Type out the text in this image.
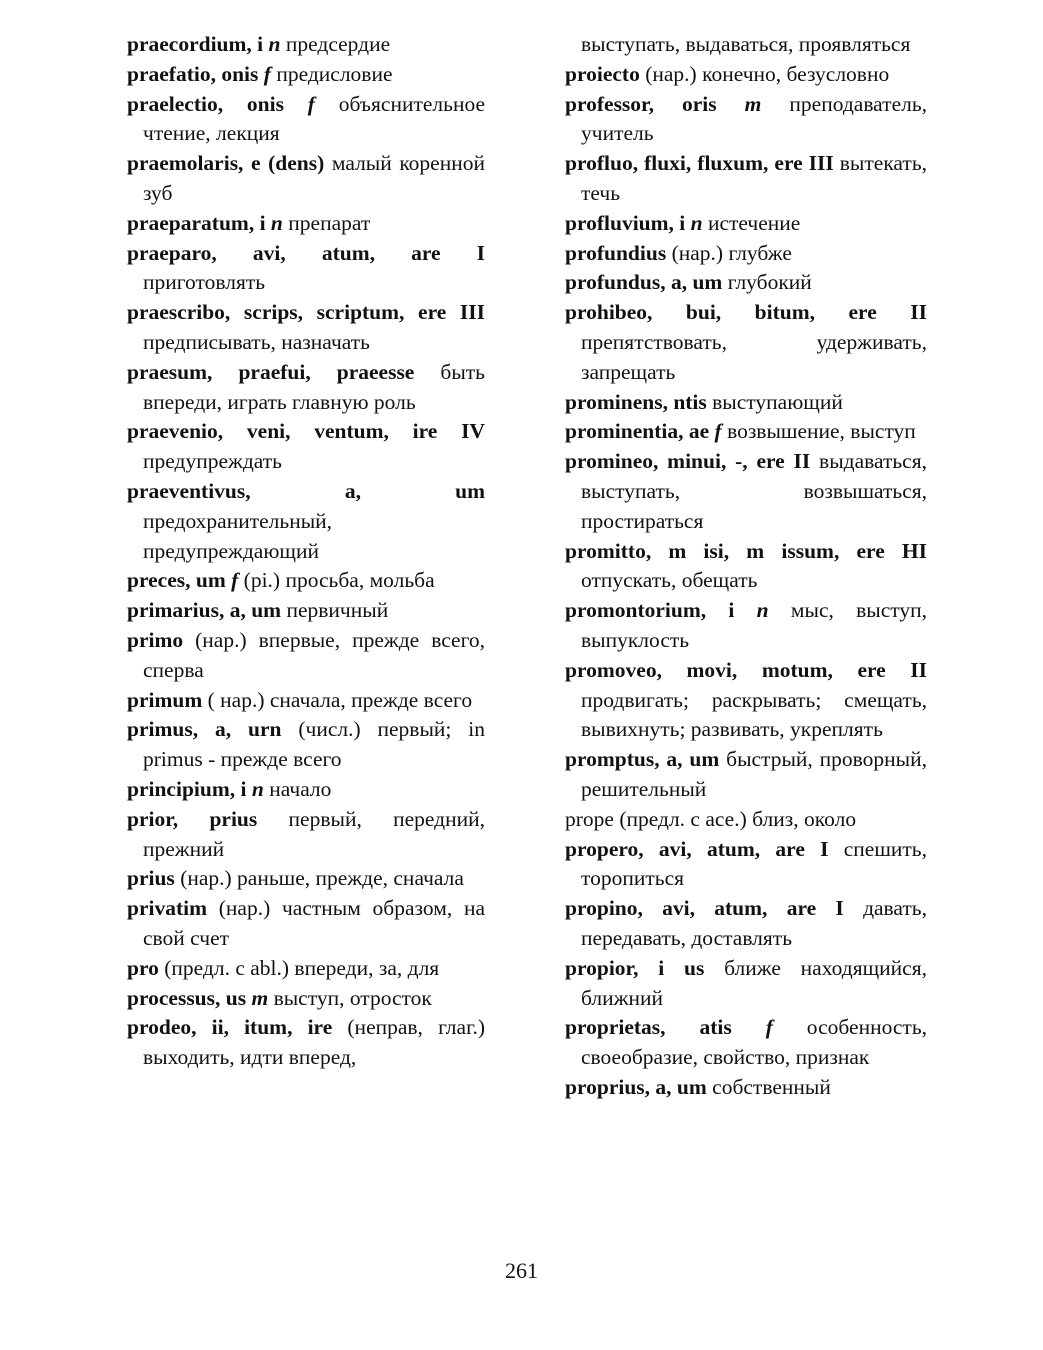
praecordium, i n предсердие
praefatio, onis f предисловие
praelectio, onis f объяснительное чтение, лекция
praemolaris, e (dens) малый коренной зуб
praeparatum, i n препарат
praeparo, avi, atum, are I приготовлять
praescribo, scrips, scriptum, ere III предписывать, назначать
praesum, praefui, praeesse быть впереди, играть главную роль
praevenio, veni, ventum, ire IV предупреждать
praeventivus, a, um предохранительный, предупреждающий
preces, um f (pi.) просьба, мольба
primarius, a, um первичный
primo (нар.) впервые, прежде всего, сперва
primum ( нар.) сначала, прежде всего
primus, a, urn (числ.) первый; in primus - прежде всего
principium, i n начало
prior, prius первый, передний, прежний
prius (нар.) раньше, прежде, сначала
privatim (нар.) частным образом, на свой счет
pro (предл. с abl.) впереди, за, для
processus, us m выступ, отросток
prodeo, ii, itum, ire (неправ, глаг.) выходить, идти вперед,
выступать, выдаваться, проявляться
proiecto (нар.) конечно, безусловно
professor, oris m преподаватель, учитель
profluo, fluxi, fluxum, ere III вытекать, течь
profluvium, i n истечение
profundius (нар.) глубже
profundus, a, um глубокий
prohibeo, bui, bitum, ere II препятствовать, удерживать, запрещать
prominens, ntis выступающий
prominentia, ae f возвышение, выступ
promineo, minui, -, ere II выдаваться, выступать, возвышаться, простираться
promitto, m isi, m issum, ere HI отпускать, обещать
promontorium, i n мыс, выступ, выпуклость
promoveo, movi, motum, ere II продвигать; раскрывать; смещать, вывихнуть; развивать, укреплять
promptus, a, um быстрый, проворный, решительный
prope (предл. с асе.) близ, около
propero, avi, atum, are I спешить, торопиться
propino, avi, atum, are I давать, передавать, доставлять
propior, i us ближе находящийся, ближний
proprietas, atis f особенность, своеобразие, свойство, признак
proprius, a, um собственный
261
